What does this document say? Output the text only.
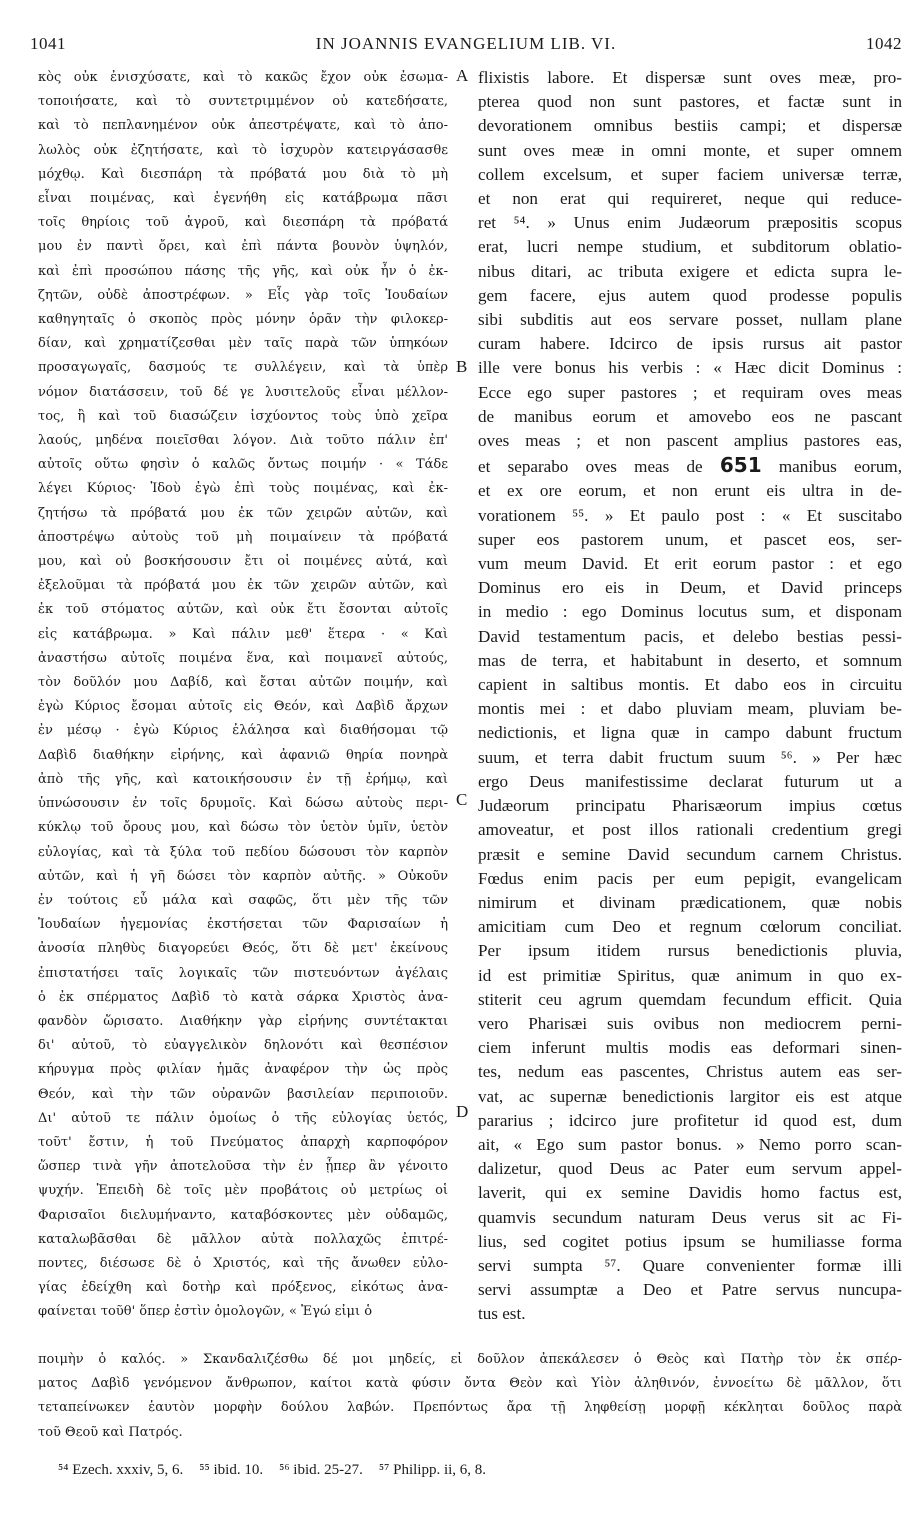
1041	IN JOANNIS EVANGELIUM LIB. VI.	1042
κὸς οὐκ ἐνισχύσατε, καὶ τὸ κακῶς ἔχον οὐκ ἐσωμα-
τοποιήσατε, καὶ τὸ συντετριμμένον οὐ κατεδήσατε,
καὶ τὸ πεπλανημένον οὐκ ἀπεστρέψατε, καὶ τὸ ἀπο-
λωλὸς οὐκ ἐζητήσατε, καὶ τὸ ἰσχυρὸν κατειργάσασθε
μόχθῳ. Καὶ διεσπάρη τὰ πρόβατά μου διὰ τὸ μὴ
εἶναι ποιμένας, καὶ ἐγενήθη εἰς κατάβρωμα πᾶσι
τοῖς θηρίοις τοῦ ἀγροῦ, καὶ διεσπάρη τὰ πρόβατά
μου ἐν παντὶ ὄρει, καὶ ἐπὶ πάντα βουνὸν ὑψηλόν,
καὶ ἐπὶ προσώπου πάσης τῆς γῆς, καὶ οὐκ ἦν ὁ ἐκ-
ζητῶν, οὐδὲ ἀποστρέφων. » Εἷς γὰρ τοῖς Ἰουδαίων
καθηγηταῖς ὁ σκοπὸς πρὸς μόνην ὁρᾶν τὴν φιλοκερ-
δίαν, καὶ χρηματίζεσθαι μὲν ταῖς παρὰ τῶν ὑπηκόων
προσαγωγαῖς, δασμούς τε συλλέγειν, καὶ τὰ ὑπὲρ
νόμον διατάσσειν, τοῦ δέ γε λυσιτελοῦς εἶναι μέλλον-
τος, ἢ καὶ τοῦ διασώζειν ἰσχύοντος τοὺς ὑπὸ χεῖρα
λαούς, μηδένα ποιεῖσθαι λόγον. Διὰ τοῦτο πάλιν ἐπ'
αὐτοῖς οὕτω φησὶν ὁ καλῶς ὄντως ποιμήν · « Τάδε
λέγει Κύριος· Ἰδοὺ ἐγὼ ἐπὶ τοὺς ποιμένας, καὶ ἐκ-
ζητήσω τὰ πρόβατά μου ἐκ τῶν χειρῶν αὐτῶν, καὶ
ἀποστρέψω αὐτοὺς τοῦ μὴ ποιμαίνειν τὰ πρόβατά
μου, καὶ οὐ βοσκήσουσιν ἔτι οἱ ποιμένες αὐτά, καὶ
ἐξελοῦμαι τὰ πρόβατά μου ἐκ τῶν χειρῶν αὐτῶν, καὶ
ἐκ τοῦ στόματος αὐτῶν, καὶ οὐκ ἔτι ἔσονται αὐτοῖς
εἰς κατάβρωμα. » Καὶ πάλιν μεθ' ἕτερα · « Καὶ
ἀναστήσω αὐτοῖς ποιμένα ἕνα, καὶ ποιμανεῖ αὐτούς,
τὸν δοῦλόν μου Δαβίδ, καὶ ἔσται αὐτῶν ποιμήν, καὶ
ἐγὼ Κύριος ἔσομαι αὐτοῖς εἰς Θεόν, καὶ Δαβὶδ ἄρχων
ἐν μέσῳ · ἐγὼ Κύριος ἐλάλησα καὶ διαθήσομαι τῷ
Δαβὶδ διαθήκην εἰρήνης, καὶ ἀφανιῶ θηρία πονηρὰ
ἀπὸ τῆς γῆς, καὶ κατοικήσουσιν ἐν τῇ ἐρήμῳ, καὶ
ὑπνώσουσιν ἐν τοῖς δρυμοῖς. Καὶ δώσω αὐτοὺς περι-
κύκλῳ τοῦ ὄρους μου, καὶ δώσω τὸν ὑετὸν ὑμῖν, ὑετὸν
εὐλογίας, καὶ τὰ ξύλα τοῦ πεδίου δώσουσι τὸν καρπὸν
αὐτῶν, καὶ ἡ γῆ δώσει τὸν καρπὸν αὐτῆς. » Οὐκοῦν
ἐν τούτοις εὖ μάλα καὶ σαφῶς, ὅτι μὲν τῆς τῶν
Ἰουδαίων ἡγεμονίας ἐκστήσεται τῶν Φαρισαίων ἡ
ἀνοσία πληθὺς διαγορεύει Θεός, ὅτι δὲ μετ' ἐκείνους
ἐπιστατήσει ταῖς λογικαῖς τῶν πιστευόντων ἀγέλαις
ὁ ἐκ σπέρματος Δαβὶδ τὸ κατὰ σάρκα Χριστὸς ἀνα-
φανδὸν ὥρισατο. Διαθήκην γὰρ εἰρήνης συντέτακται
δι' αὐτοῦ, τὸ εὐαγγελικὸν δηλονότι καὶ θεσπέσιον
κήρυγμα πρὸς φιλίαν ἡμᾶς ἀναφέρον τὴν ὡς πρὸς
Θεόν, καὶ τὴν τῶν οὐρανῶν βασιλείαν περιποιοῦν.
Δι' αὐτοῦ τε πάλιν ὁμοίως ὁ τῆς εὐλογίας ὑετός,
τοῦτ' ἔστιν, ἡ τοῦ Πνεύματος ἀπαρχὴ καρποφόρον
ὥσπερ τινὰ γῆν ἀποτελοῦσα τὴν ἐν ᾗπερ ἂν γένοιτο
ψυχήν. Ἐπειδὴ δὲ τοῖς μὲν προβάτοις οὐ μετρίως οἱ
Φαρισαῖοι διελυμήναντο, καταβόσκοντες μὲν οὐδαμῶς,
καταλωβᾶσθαι δὲ μᾶλλον αὐτὰ πολλαχῶς ἐπιτρέ-
ποντες, διέσωσε δὲ ὁ Χριστός, καὶ τῆς ἄνωθεν εὐλο-
γίας ἐδείχθη καὶ δοτὴρ καὶ πρόξενος, εἰκότως ἀνα-
φαίνεται τοῦθ' ὅπερ ἐστὶν ὁμολογῶν, « Ἐγώ εἰμι ὁ
flixistis labore. Et dispersæ sunt oves meæ, pro-
pterea quod non sunt pastores, et factæ sunt in
devorationem omnibus bestiis campi; et dispersæ
sunt oves meæ in omni monte, et super omnem
collem excelsum, et super faciem universæ terræ,
et non erat qui requireret, neque qui reduce-
ret ⁵⁴. » Unus enim Judæorum præpositis scopus
erat, lucri nempe studium, et subditorum oblatio-
nibus ditari, ac tributa exigere et edicta supra le-
gem facere, ejus autem quod prodesse populis
sibi subditis aut eos servare posset, nullam plane
curam habere. Idcirco de ipsis rursus ait pastor
ille vere bonus his verbis : « Hæc dicit Dominus :
Ecce ego super pastores ; et requiram oves meas
de manibus eorum et amovebo eos ne pascant
oves meas ; et non pascent amplius pastores eas,
et separabo oves meas de 651 manibus eorum,
et ex ore eorum, et non erunt eis ultra in de-
vorationem ⁵⁵. » Et paulo post : « Et suscitabo
super eos pastorem unum, et pascet eos, ser-
vum meum David. Et erit eorum pastor : et ego
Dominus ero eis in Deum, et David princeps
in medio : ego Dominus locutus sum, et disponam
David testamentum pacis, et delebo bestias pessi-
mas de terra, et habitabunt in deserto, et somnum
capient in saltibus montis. Et dabo eos in circuitu
montis mei : et dabo pluviam meam, pluviam be-
nedictionis, et ligna quæ in campo dabunt fructum
suum, et terra dabit fructum suum ⁵⁶. » Per hæc
ergo Deus manifestissime declarat futurum ut a
Judæorum principatu Pharisæorum impius cœtus
amoveatur, et post illos rationali credentium gregi
præsit e semine David secundum carnem Christus.
Fœdus enim pacis per eum pepigit, evangelicam
nimirum et divinam prædicationem, quæ nobis
amicitiam cum Deo et regnum cœlorum conciliat.
Per ipsum itidem rursus benedictionis pluvia,
id est primitiæ Spiritus, quæ animum in quo ex-
stiterit ceu agrum quemdam fecundum efficit. Quia
vero Pharisæi suis ovibus non mediocrem perni-
ciem inferunt multis modis eas deformari sinen-
tes, nedum eas pascentes, Christus autem eas ser-
vat, ac supernæ benedictionis largitor eis est atque
pararius ; idcirco jure profitetur id quod est, dum
ait, « Ego sum pastor bonus. » Nemo porro scan-
dalizetur, quod Deus ac Pater eum servum appel-
laverit, qui ex semine Davidis homo factus est,
quamvis secundum naturam Deus verus sit ac Fi-
lius, sed cogitet potius ipsum se humiliasse forma
servi sumpta ⁵⁷. Quare convenienter formæ illi
servi assumptæ a Deo et Patre servus nuncupa-
tus est.
A
B
C
D
ποιμὴν ὁ καλός. » Σκανδαλιζέσθω δέ μοι μηδείς, εἰ δοῦλον ἀπεκάλεσεν ὁ Θεὸς καὶ Πατὴρ τὸν ἐκ σπέρ-
ματος Δαβὶδ γενόμενον ἄνθρωπον, καίτοι κατὰ φύσιν ὄντα Θεὸν καὶ Υἱὸν ἀληθινόν, ἐννοείτω δὲ μᾶλλον, ὅτι
τεταπείνωκεν ἑαυτὸν μορφὴν δούλου λαβών. Πρεπόντως ἄρα τῇ ληφθείσῃ μορφῇ κέκληται δοῦλος παρὰ
τοῦ Θεοῦ καὶ Πατρός.
⁵⁴ Ezech. xxxiv, 5, 6. ⁵⁵ ibid. 10. ⁵⁶ ibid. 25-27. ⁵⁷ Philipp. ii, 6, 8.
